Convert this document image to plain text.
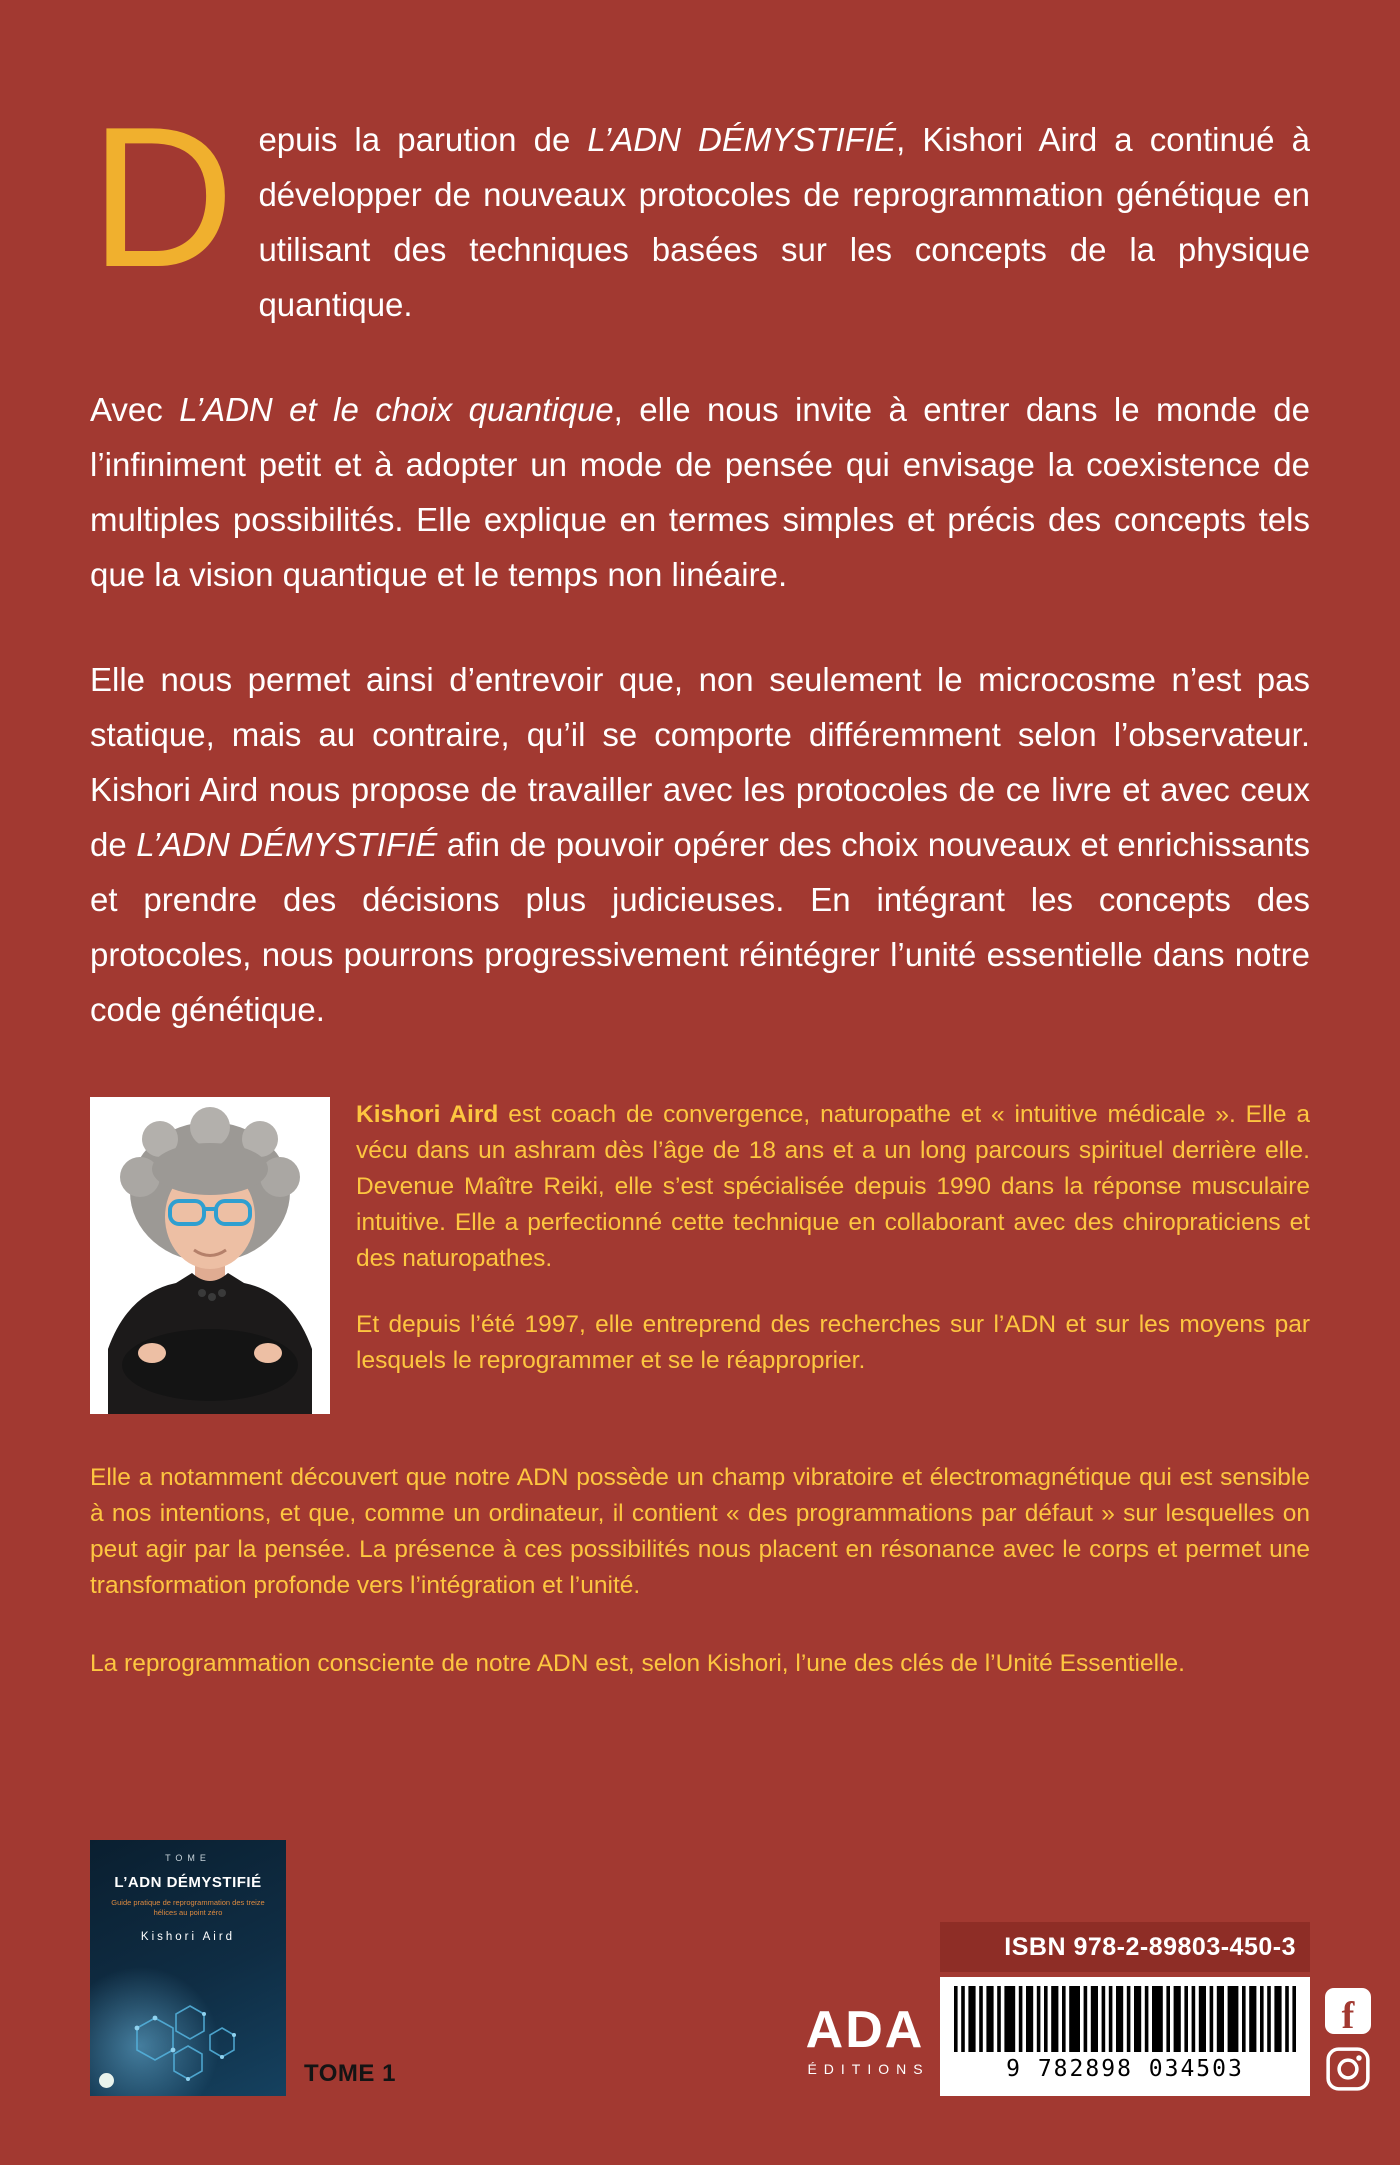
D epuis la parution de L’ADN DÉMYSTIFIÉ, Kishori Aird a continué à développer de nouveaux protocoles de reprogrammation génétique en utilisant des techniques basées sur les concepts de la physique quantique.

Avec L’ADN et le choix quantique, elle nous invite à entrer dans le monde de l’infiniment petit et à adopter un mode de pensée qui envisage la coexistence de multiples possibilités. Elle explique en termes simples et précis des concepts tels que la vision quantique et le temps non linéaire.

Elle nous permet ainsi d’entrevoir que, non seulement le microcosme n’est pas statique, mais au contraire, qu’il se comporte différemment selon l’observateur. Kishori Aird nous propose de travailler avec les protocoles de ce livre et avec ceux de L’ADN DÉMYSTIFIÉ afin de pouvoir opérer des choix nouveaux et enrichissants et prendre des décisions plus judicieuses. En intégrant les concepts des protocoles, nous pourrons progressivement réintégrer l’unité essentielle dans notre code génétique.

Kishori Aird est coach de convergence, naturopathe et « intuitive médicale ». Elle a vécu dans un ashram dès l’âge de 18 ans et a un long parcours spirituel derrière elle. Devenue Maître Reiki, elle s’est spécialisée depuis 1990 dans la réponse musculaire intuitive. Elle a perfectionné cette technique en collaborant avec des chiropraticiens et des naturopathes.

Et depuis l’été 1997, elle entreprend des recherches sur l’ADN et sur les moyens par lesquels le reprogrammer et se le réapproprier.

Elle a notamment découvert que notre ADN possède un champ vibratoire et électromagnétique qui est sensible à nos intentions, et que, comme un ordinateur, il contient « des programmations par défaut » sur lesquelles on peut agir par la pensée. La présence à ces possibilités nous placent en résonance avec le corps et permet une transformation profonde vers l’intégration et l’unité.

La reprogrammation consciente de notre ADN est, selon Kishori, l’une des clés de l’Unité Essentielle.

TOME
L’ADN DÉMYSTIFIÉ
Guide pratique de reprogrammation des treize hélices au point zéro
Kishori Aird
TOME 1
ISBN 978-2-89803-450-3
9 782898 034503
ADA
ÉDITIONS
f
